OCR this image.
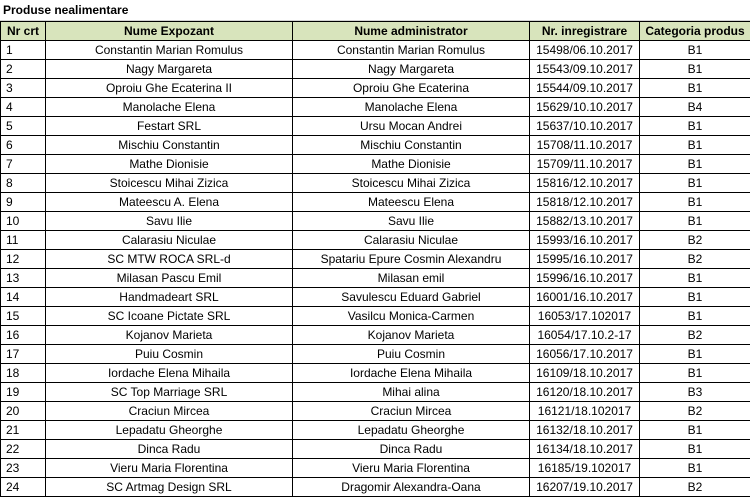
Produse nealimentare
Nr crt	Nume Expozant	Nume administrator	Nr. inregistrare	Categoria produs
1	Constantin Marian Romulus	Constantin Marian Romulus	15498/06.10.2017	B1
2	Nagy Margareta	Nagy Margareta	15543/09.10.2017	B1
3	Oproiu Ghe Ecaterina II	Oproiu Ghe Ecaterina	15544/09.10.2017	B1
4	Manolache Elena	Manolache Elena	15629/10.10.2017	B4
5	Festart SRL	Ursu Mocan Andrei	15637/10.10.2017	B1
6	Mischiu Constantin	Mischiu Constantin	15708/11.10.2017	B1
7	Mathe Dionisie	Mathe Dionisie	15709/11.10.2017	B1
8	Stoicescu Mihai Zizica	Stoicescu Mihai Zizica	15816/12.10.2017	B1
9	Mateescu A. Elena	Mateescu Elena	15818/12.10.2017	B1
10	Savu Ilie	Savu Ilie	15882/13.10.2017	B1
11	Calarasiu Niculae	Calarasiu Niculae	15993/16.10.2017	B2
12	SC MTW ROCA SRL-d	Spatariu Epure Cosmin Alexandru	15995/16.10.2017	B2
13	Milasan Pascu Emil	Milasan emil	15996/16.10.2017	B1
14	Handmadeart SRL	Savulescu Eduard Gabriel	16001/16.10.2017	B1
15	SC Icoane Pictate SRL	Vasilcu Monica-Carmen	16053/17.102017	B1
16	Kojanov Marieta	Kojanov Marieta	16054/17.10.2-17	B2
17	Puiu Cosmin	Puiu Cosmin	16056/17.10.2017	B1
18	Iordache Elena Mihaila	Iordache Elena Mihaila	16109/18.10.2017	B1
19	SC Top Marriage SRL	Mihai alina	16120/18.10.2017	B3
20	Craciun Mircea	Craciun Mircea	16121/18.102017	B2
21	Lepadatu Gheorghe	Lepadatu Gheorghe	16132/18.10.2017	B1
22	Dinca Radu	Dinca Radu	16134/18.10.2017	B1
23	Vieru Maria Florentina	Vieru Maria Florentina	16185/19.102017	B1
24	SC Artmag Design SRL	Dragomir Alexandra-Oana	16207/19.10.2017	B2
